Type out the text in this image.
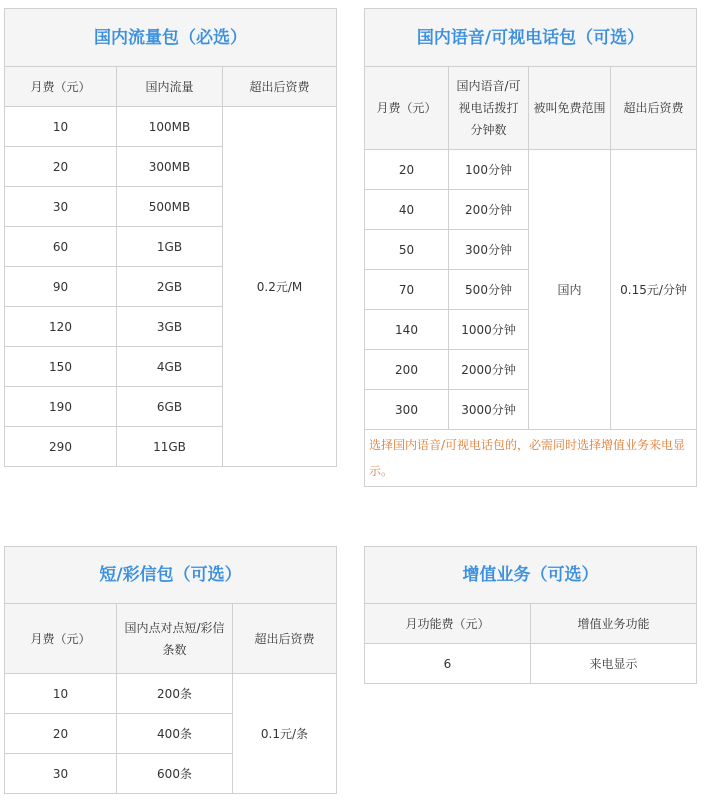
国内流量包（必选）		
月费（元）	国内流量	超出后资费
10	100MB	0.2元/M
20	300MB	
30	500MB	
60	1GB	
90	2GB	
120	3GB	
150	4GB	
190	6GB	
290	11GB	
国内语音/可视电话包（可选）			
月费（元）	国内语音/可视电话拨打分钟数	被叫免费范围	超出后资费
20	100分钟	国内	0.15元/分钟
40	200分钟		
50	300分钟		
70	500分钟		
140	1000分钟		
200	2000分钟		
300	3000分钟		
选择国内语音/可视电话包的，必需同时选择增值业务来电显示。			
短/彩信包（可选）		
月费（元）	国内点对点短/彩信条数	超出后资费
10	200条	0.1元/条
20	400条	
30	600条	
增值业务（可选）	
月功能费（元）	增值业务功能
6	来电显示
